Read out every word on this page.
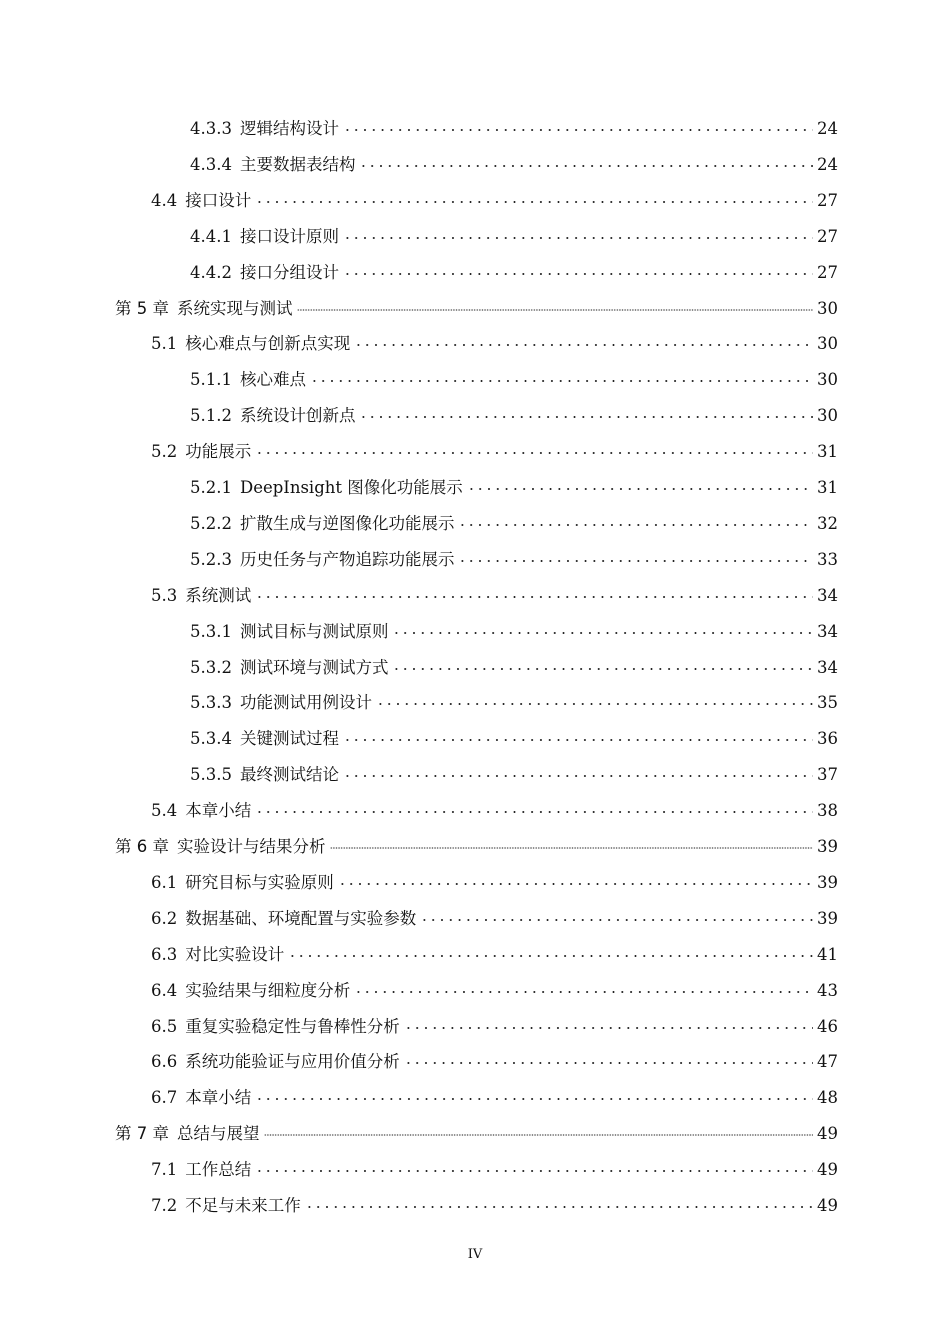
4.3.3 逻辑结构设计	24
4.3.4 主要数据表结构	24
4.4 接口设计	27
4.4.1 接口设计原则	27
4.4.2 接口分组设计	27
第 5 章 系统实现与测试	30
5.1 核心难点与创新点实现	30
5.1.1 核心难点	30
5.1.2 系统设计创新点	30
5.2 功能展示	31
5.2.1 DeepInsight 图像化功能展示	31
5.2.2 扩散生成与逆图像化功能展示	32
5.2.3 历史任务与产物追踪功能展示	33
5.3 系统测试	34
5.3.1 测试目标与测试原则	34
5.3.2 测试环境与测试方式	34
5.3.3 功能测试用例设计	35
5.3.4 关键测试过程	36
5.3.5 最终测试结论	37
5.4 本章小结	38
第 6 章 实验设计与结果分析	39
6.1 研究目标与实验原则	39
6.2 数据基础、环境配置与实验参数	39
6.3 对比实验设计	41
6.4 实验结果与细粒度分析	43
6.5 重复实验稳定性与鲁棒性分析	46
6.6 系统功能验证与应用价值分析	47
6.7 本章小结	48
第 7 章 总结与展望	49
7.1 工作总结	49
7.2 不足与未来工作	49
IV
